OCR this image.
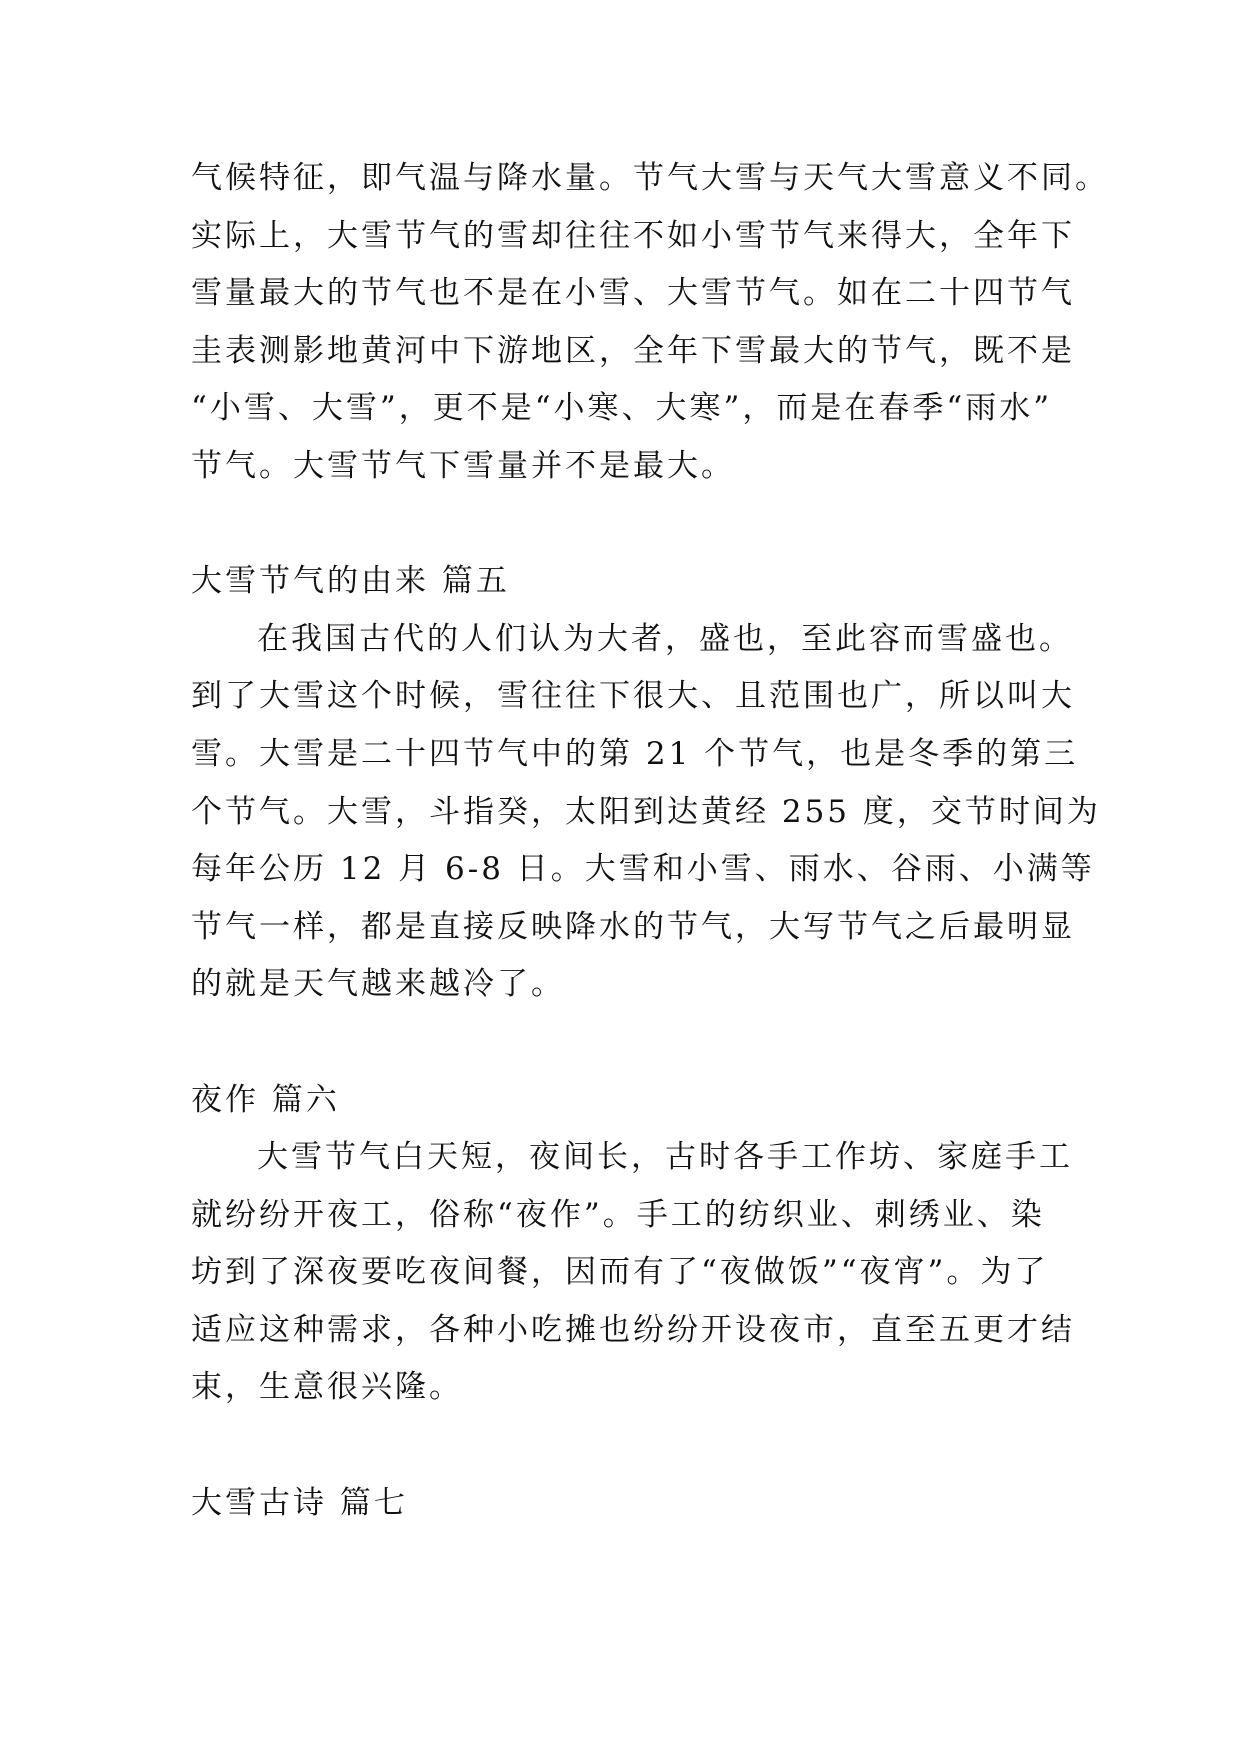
气候特征，即气温与降水量。节气大雪与天气大雪意义不同。
实际上，大雪节气的雪却往往不如小雪节气来得大，全年下
雪量最大的节气也不是在小雪、大雪节气。如在二十四节气
圭表测影地黄河中下游地区，全年下雪最大的节气，既不是
“小雪、大雪”，更不是“小寒、大寒”，而是在春季“雨水”
节气。大雪节气下雪量并不是最大。
大雪节气的由来 篇五
在我国古代的人们认为大者，盛也，至此容而雪盛也。
到了大雪这个时候，雪往往下很大、且范围也广，所以叫大
雪。大雪是二十四节气中的第 21 个节气，也是冬季的第三
个节气。大雪，斗指癸，太阳到达黄经 255 度，交节时间为
每年公历 12 月 6-8 日。大雪和小雪、雨水、谷雨、小满等
节气一样，都是直接反映降水的节气，大写节气之后最明显
的就是天气越来越冷了。
夜作 篇六
大雪节气白天短，夜间长，古时各手工作坊、家庭手工
就纷纷开夜工，俗称“夜作”。手工的纺织业、刺绣业、染
坊到了深夜要吃夜间餐，因而有了“夜做饭”“夜宵”。为了
适应这种需求，各种小吃摊也纷纷开设夜市，直至五更才结
束，生意很兴隆。
大雪古诗 篇七
